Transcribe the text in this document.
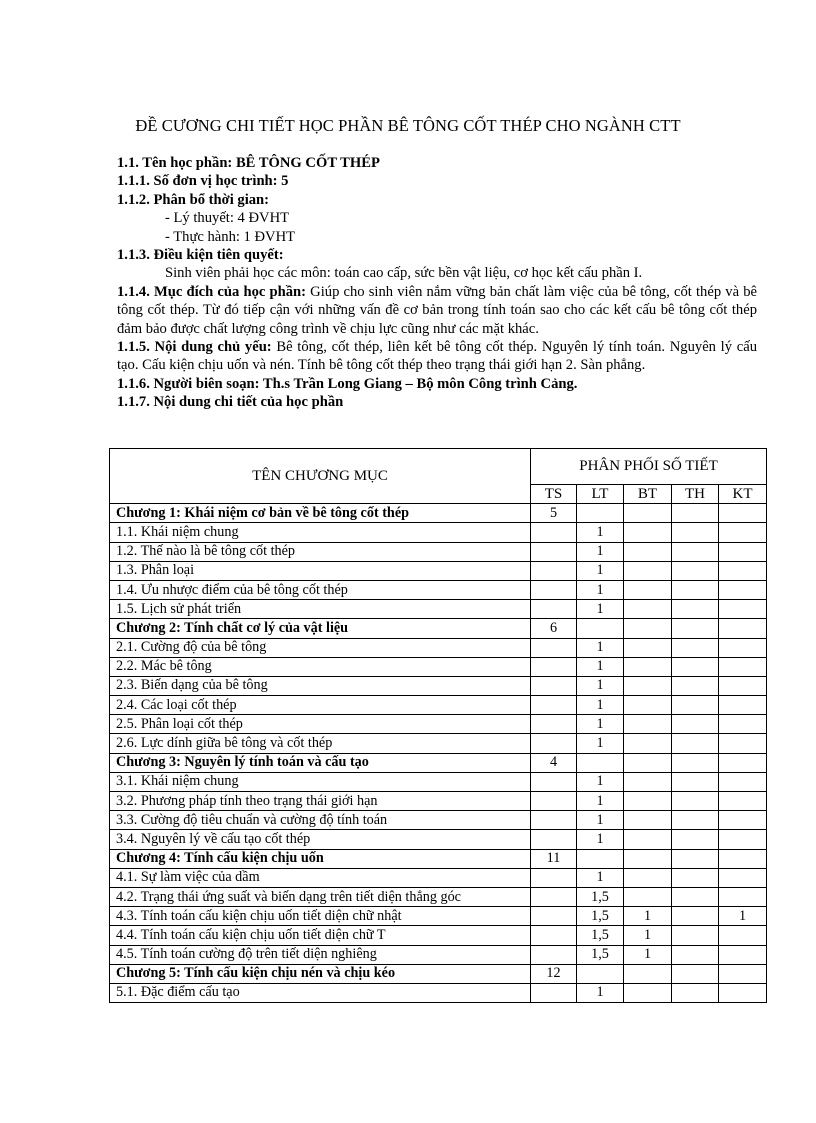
ĐỀ CƯƠNG CHI TIẾT HỌC PHẦN BÊ TÔNG CỐT THÉP CHO NGÀNH CTT

1.1. Tên học phần: BÊ TÔNG CỐT THÉP

1.1.1. Số đơn vị học trình: 5

1.1.2. Phân bổ thời gian:

- Lý thuyết: 4 ĐVHT

- Thực hành: 1 ĐVHT

1.1.3. Điều kiện tiên quyết:

Sinh viên phải học các môn: toán cao cấp, sức bền vật liệu, cơ học kết cấu phần I.

1.1.4. Mục đích của học phần: Giúp cho sinh viên nắm vững bản chất làm việc của bê tông, cốt thép và bê tông cốt thép. Từ đó tiếp cận với những vấn đề cơ bản trong tính toán sao cho các kết cấu bê tông cốt thép đảm bảo được chất lượng công trình về chịu lực cũng như các mặt khác.

1.1.5. Nội dung chủ yếu: Bê tông, cốt thép, liên kết bê tông cốt thép. Nguyên lý tính toán. Nguyên lý cấu tạo. Cấu kiện chịu uốn và nén. Tính bê tông cốt thép theo trạng thái giới hạn 2. Sàn phẳng.

1.1.6. Người biên soạn: Th.s Trần Long Giang – Bộ môn Công trình Cảng.

1.1.7. Nội dung chi tiết của học phần

TÊN CHƯƠNG MỤC	PHÂN PHỐI SỐ TIẾT				
	TS	LT	BT	TH	KT
Chương 1: Khái niệm cơ bản về bê tông cốt thép	5				
1.1. Khái niệm chung		1			
1.2. Thế nào là bê tông cốt thép		1			
1.3. Phân loại		1			
1.4. Ưu nhược điểm của bê tông cốt thép		1			
1.5. Lịch sử phát triển		1			
Chương 2: Tính chất cơ lý của vật liệu	6				
2.1. Cường độ của bê tông		1			
2.2. Mác bê tông		1			
2.3. Biến dạng của bê tông		1			
2.4. Các loại cốt thép		1			
2.5. Phân loại cốt thép		1			
2.6. Lực dính giữa bê tông và cốt thép		1			
Chương 3: Nguyên lý tính toán và cấu tạo	4				
3.1. Khái niệm chung		1			
3.2. Phương pháp tính theo trạng thái giới hạn		1			
3.3. Cường độ tiêu chuẩn và cường độ tính toán		1			
3.4. Nguyên lý về cấu tạo cốt thép		1			
Chương 4: Tính cấu kiện chịu uốn	11				
4.1. Sự làm việc của dầm		1			
4.2. Trạng thái ứng suất và biến dạng trên tiết diện thẳng góc		1,5			
4.3. Tính toán cấu kiện chịu uốn tiết diện chữ nhật		1,5	1		1
4.4. Tính toán cấu kiện chịu uốn tiết diện chữ T		1,5	1		
4.5. Tính toán cường độ trên tiết diện nghiêng		1,5	1		
Chương 5: Tính cấu kiện chịu nén và chịu kéo	12				
5.1. Đặc điểm cấu tạo		1			
